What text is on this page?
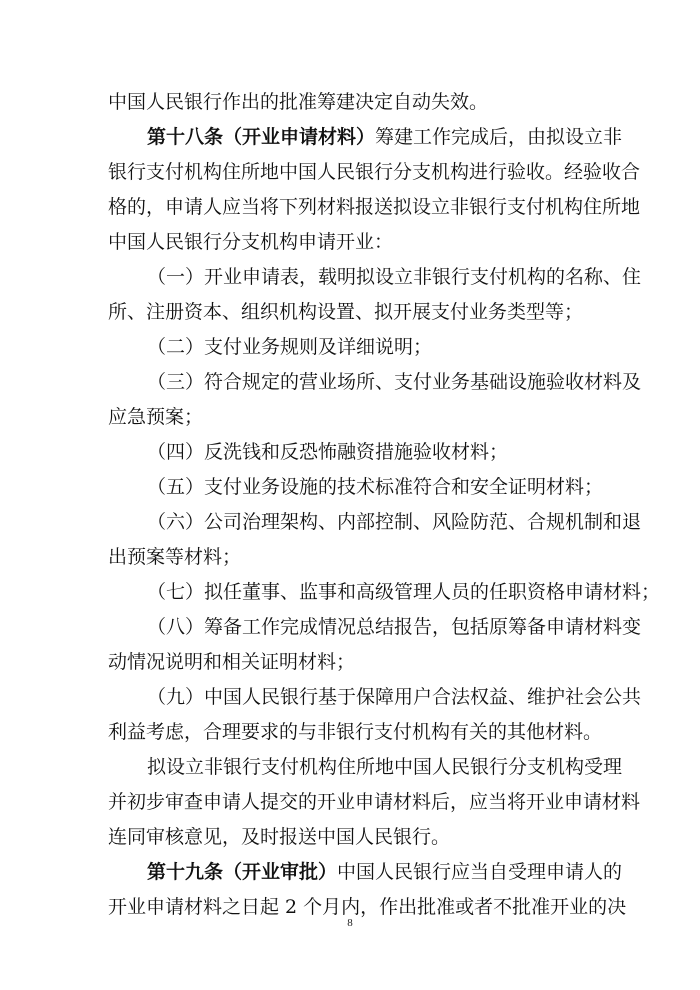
中国人民银行作出的批准筹建决定自动失效。
第十八条（开业申请材料）筹建工作完成后，由拟设立非
银行支付机构住所地中国人民银行分支机构进行验收。经验收合
格的，申请人应当将下列材料报送拟设立非银行支付机构住所地
中国人民银行分支机构申请开业：
（一）开业申请表，载明拟设立非银行支付机构的名称、住
所、注册资本、组织机构设置、拟开展支付业务类型等；
（二）支付业务规则及详细说明；
（三）符合规定的营业场所、支付业务基础设施验收材料及
应急预案；
（四）反洗钱和反恐怖融资措施验收材料；
（五）支付业务设施的技术标准符合和安全证明材料；
（六）公司治理架构、内部控制、风险防范、合规机制和退
出预案等材料；
（七）拟任董事、监事和高级管理人员的任职资格申请材料；
（八）筹备工作完成情况总结报告，包括原筹备申请材料变
动情况说明和相关证明材料；
（九）中国人民银行基于保障用户合法权益、维护社会公共
利益考虑，合理要求的与非银行支付机构有关的其他材料。
拟设立非银行支付机构住所地中国人民银行分支机构受理
并初步审查申请人提交的开业申请材料后，应当将开业申请材料
连同审核意见，及时报送中国人民银行。
第十九条（开业审批）中国人民银行应当自受理申请人的
开业申请材料之日起 2 个月内，作出批准或者不批准开业的决
8
